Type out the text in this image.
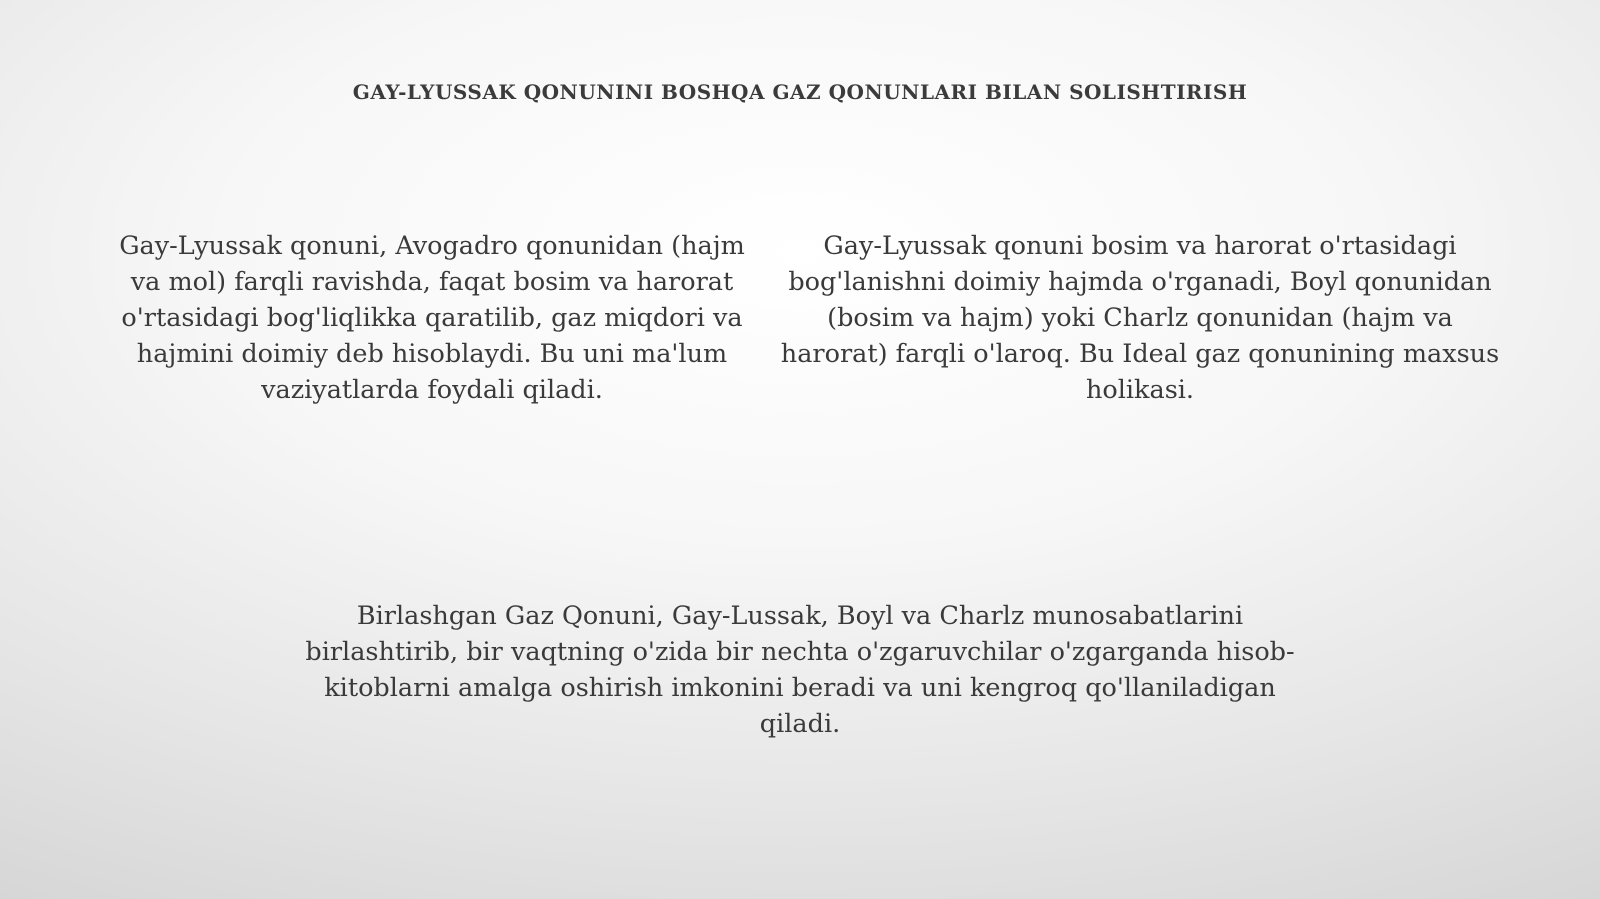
GAY-LYUSSAK QONUNINI BOSHQA GAZ QONUNLARI BILAN SOLISHTIRISH
Gay-Lyussak qonuni, Avogadro qonunidan (hajm va mol) farqli ravishda, faqat bosim va harorat o'rtasidagi bog'liqlikka qaratilib, gaz miqdori va hajmini doimiy deb hisoblaydi. Bu uni ma'lum vaziyatlarda foydali qiladi.
Gay-Lyussak qonuni bosim va harorat o'rtasidagi bog'lanishni doimiy hajmda o'rganadi, Boyl qonunidan (bosim va hajm) yoki Charlz qonunidan (hajm va harorat) farqli o'laroq. Bu Ideal gaz qonunining maxsus holikasi.
Birlashgan Gaz Qonuni, Gay-Lussak, Boyl va Charlz munosabatlarini birlashtirib, bir vaqtning o'zida bir nechta o'zgaruvchilar o'zgarganda hisob-kitoblarni amalga oshirish imkonini beradi va uni kengroq qo'llaniladigan qiladi.
